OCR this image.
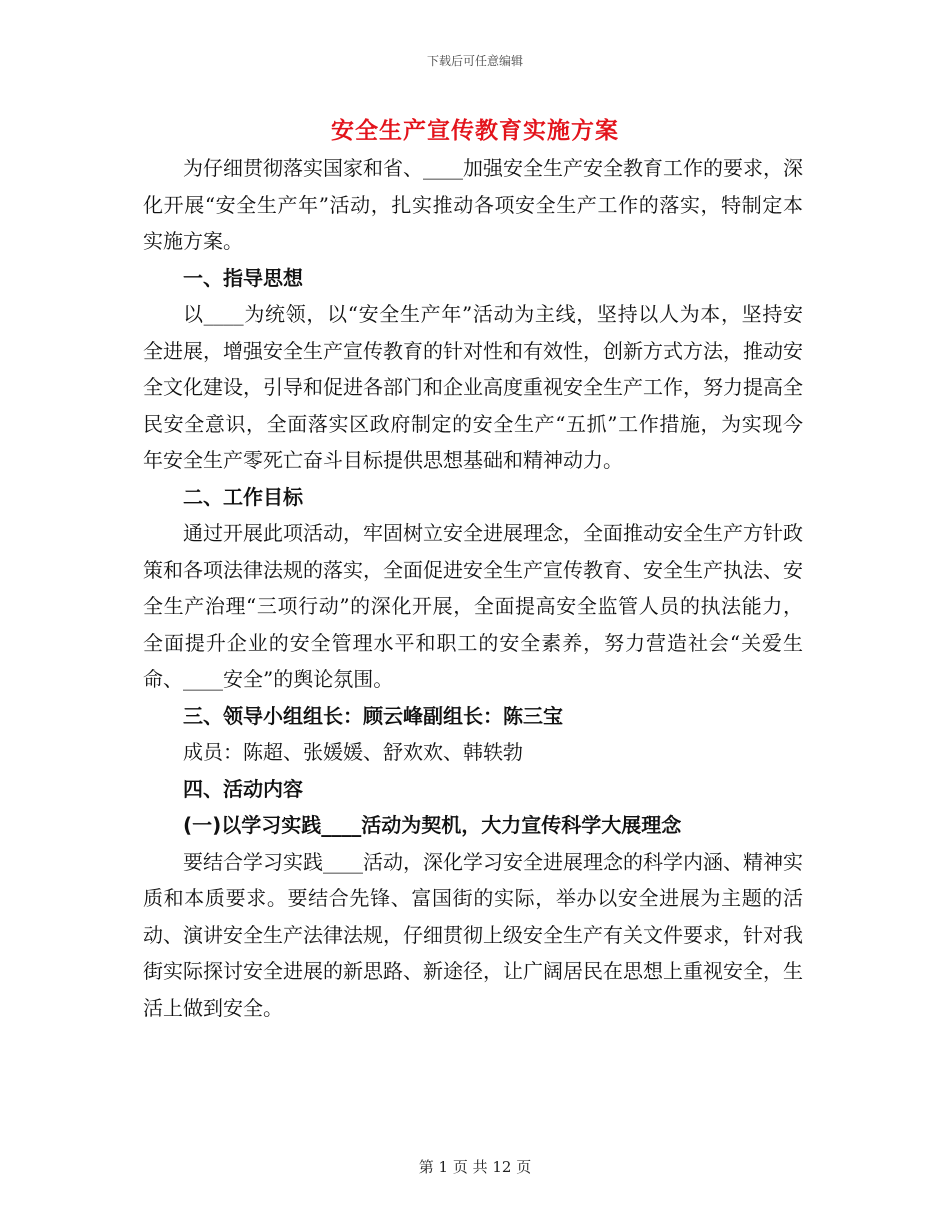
下载后可任意编辑
安全生产宣传教育实施方案

为仔细贯彻落实国家和省、____加强安全生产安全教育工作的要求，深化开展“安全生产年”活动，扎实推动各项安全生产工作的落实，特制定本实施方案。

一、指导思想

以____为统领，以“安全生产年”活动为主线，坚持以人为本，坚持安全进展，增强安全生产宣传教育的针对性和有效性，创新方式方法，推动安全文化建设，引导和促进各部门和企业高度重视安全生产工作，努力提高全民安全意识，全面落实区政府制定的安全生产“五抓”工作措施，为实现今年安全生产零死亡奋斗目标提供思想基础和精神动力。

二、工作目标

通过开展此项活动，牢固树立安全进展理念，全面推动安全生产方针政策和各项法律法规的落实，全面促进安全生产宣传教育、安全生产执法、安全生产治理“三项行动”的深化开展，全面提高安全监管人员的执法能力，全面提升企业的安全管理水平和职工的安全素养，努力营造社会“关爱生命、____安全”的舆论氛围。

三、领导小组组长：顾云峰副组长：陈三宝

成员：陈超、张媛媛、舒欢欢、韩轶勃

四、活动内容

(一)以学习实践____活动为契机，大力宣传科学大展理念

要结合学习实践____活动，深化学习安全进展理念的科学内涵、精神实质和本质要求。要结合先锋、富国街的实际，举办以安全进展为主题的活动、演讲安全生产法律法规，仔细贯彻上级安全生产有关文件要求，针对我街实际探讨安全进展的新思路、新途径，让广阔居民在思想上重视安全，生活上做到安全。

第 1 页 共 12 页
